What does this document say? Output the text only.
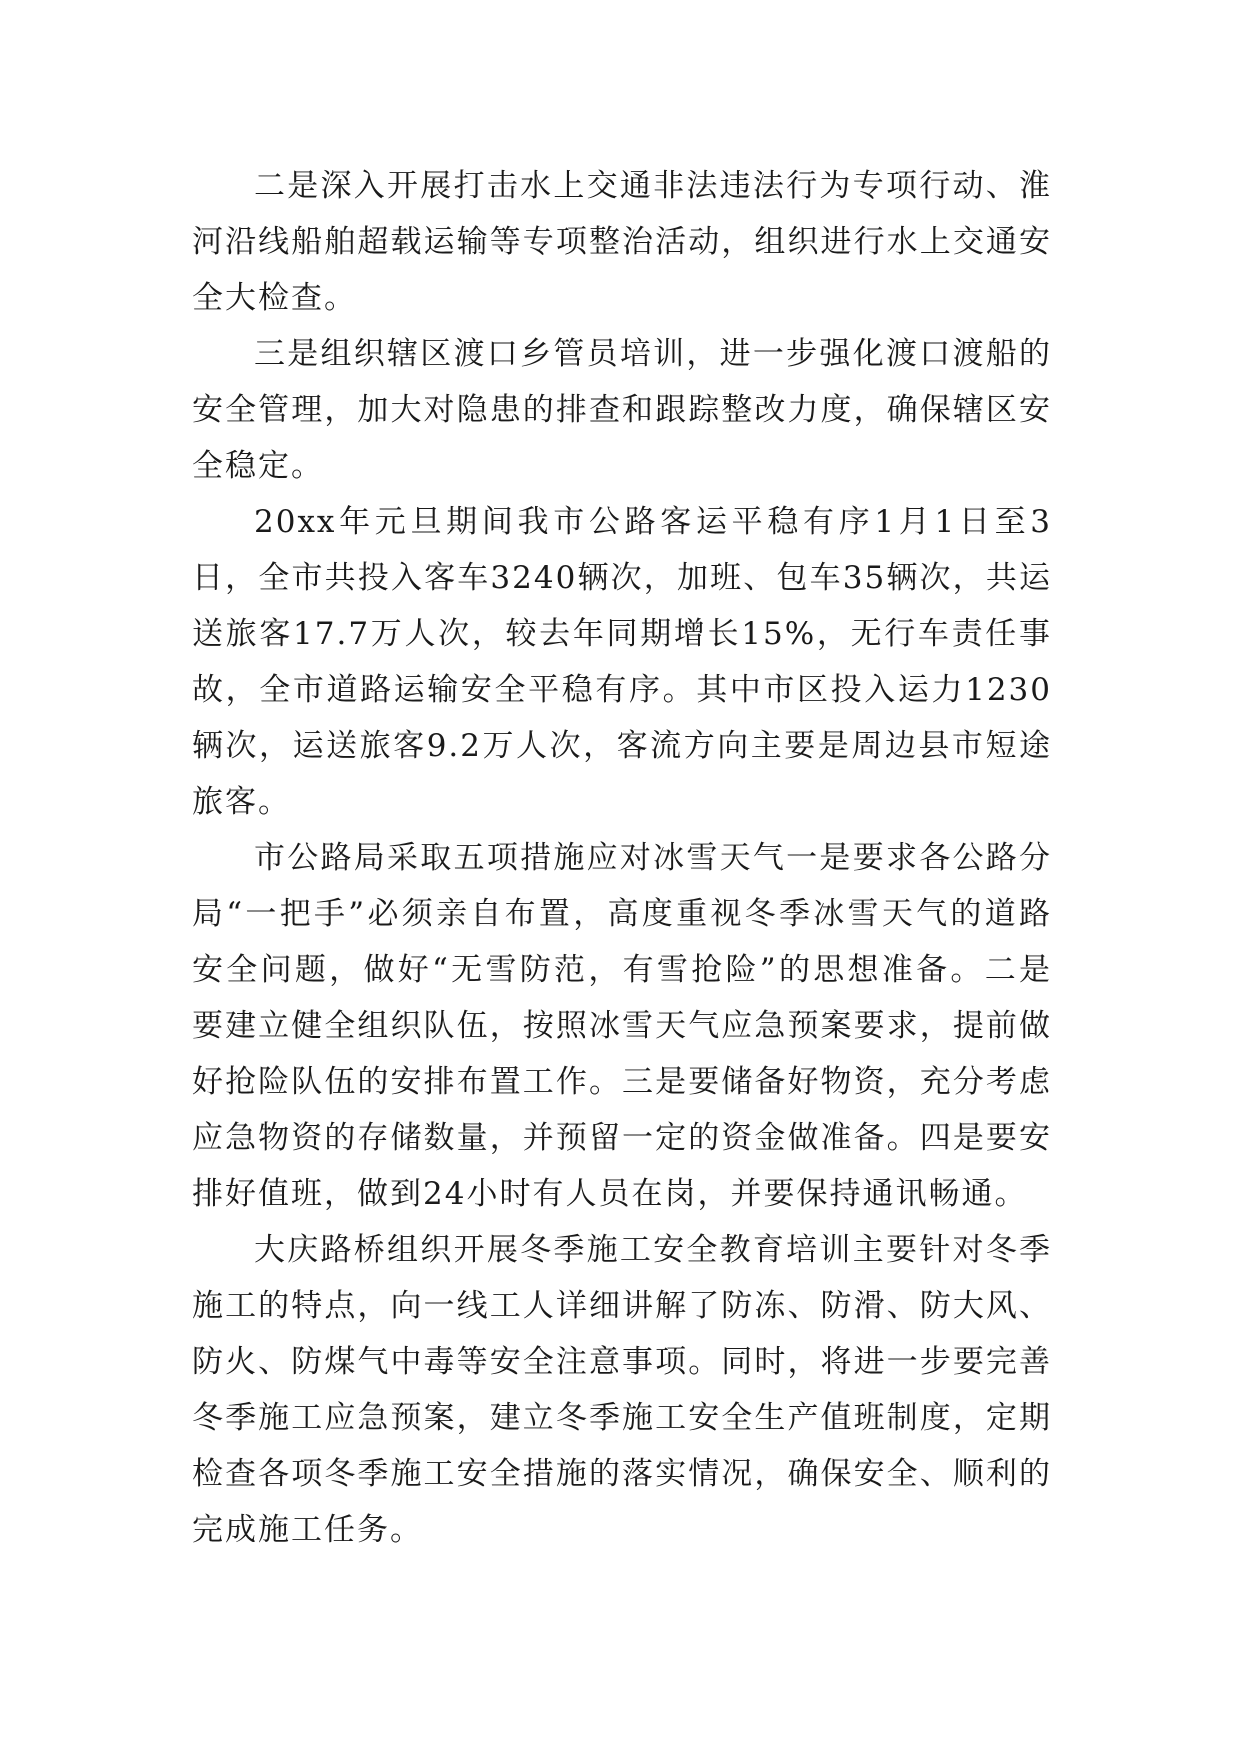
二是深入开展打击水上交通非法违法行为专项行动、淮河沿线船舶超载运输等专项整治活动，组织进行水上交通安全大检查。

三是组织辖区渡口乡管员培训，进一步强化渡口渡船的安全管理，加大对隐患的排查和跟踪整改力度，确保辖区安全稳定。

20xx年元旦期间我市公路客运平稳有序1月1日至3日，全市共投入客车3240辆次，加班、包车35辆次，共运送旅客17.7万人次，较去年同期增长15%，无行车责任事故，全市道路运输安全平稳有序。其中市区投入运力1230辆次，运送旅客9.2万人次，客流方向主要是周边县市短途旅客。

市公路局采取五项措施应对冰雪天气一是要求各公路分局“一把手”必须亲自布置，高度重视冬季冰雪天气的道路安全问题，做好“无雪防范，有雪抢险”的思想准备。二是要建立健全组织队伍，按照冰雪天气应急预案要求，提前做好抢险队伍的安排布置工作。三是要储备好物资，充分考虑应急物资的存储数量，并预留一定的资金做准备。四是要安排好值班，做到24小时有人员在岗，并要保持通讯畅通。

大庆路桥组织开展冬季施工安全教育培训主要针对冬季施工的特点，向一线工人详细讲解了防冻、防滑、防大风、防火、防煤气中毒等安全注意事项。同时，将进一步要完善冬季施工应急预案，建立冬季施工安全生产值班制度，定期检查各项冬季施工安全措施的落实情况，确保安全、顺利的完成施工任务。
